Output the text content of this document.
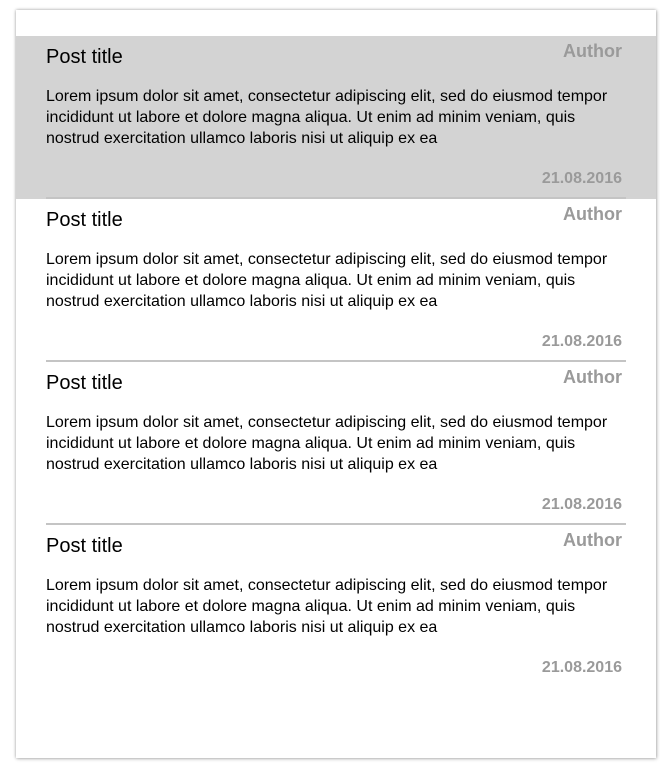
Post title	Author

Lorem ipsum dolor sit amet, consectetur adipiscing elit, sed do eiusmod tempor incididunt ut labore et dolore magna aliqua. Ut enim ad minim veniam, quis nostrud exercitation ullamco laboris nisi ut aliquip ex ea

21.08.2016
Post title	Author

Lorem ipsum dolor sit amet, consectetur adipiscing elit, sed do eiusmod tempor incididunt ut labore et dolore magna aliqua. Ut enim ad minim veniam, quis nostrud exercitation ullamco laboris nisi ut aliquip ex ea

21.08.2016
Post title	Author

Lorem ipsum dolor sit amet, consectetur adipiscing elit, sed do eiusmod tempor incididunt ut labore et dolore magna aliqua. Ut enim ad minim veniam, quis nostrud exercitation ullamco laboris nisi ut aliquip ex ea

21.08.2016
Post title	Author

Lorem ipsum dolor sit amet, consectetur adipiscing elit, sed do eiusmod tempor incididunt ut labore et dolore magna aliqua. Ut enim ad minim veniam, quis nostrud exercitation ullamco laboris nisi ut aliquip ex ea

21.08.2016
